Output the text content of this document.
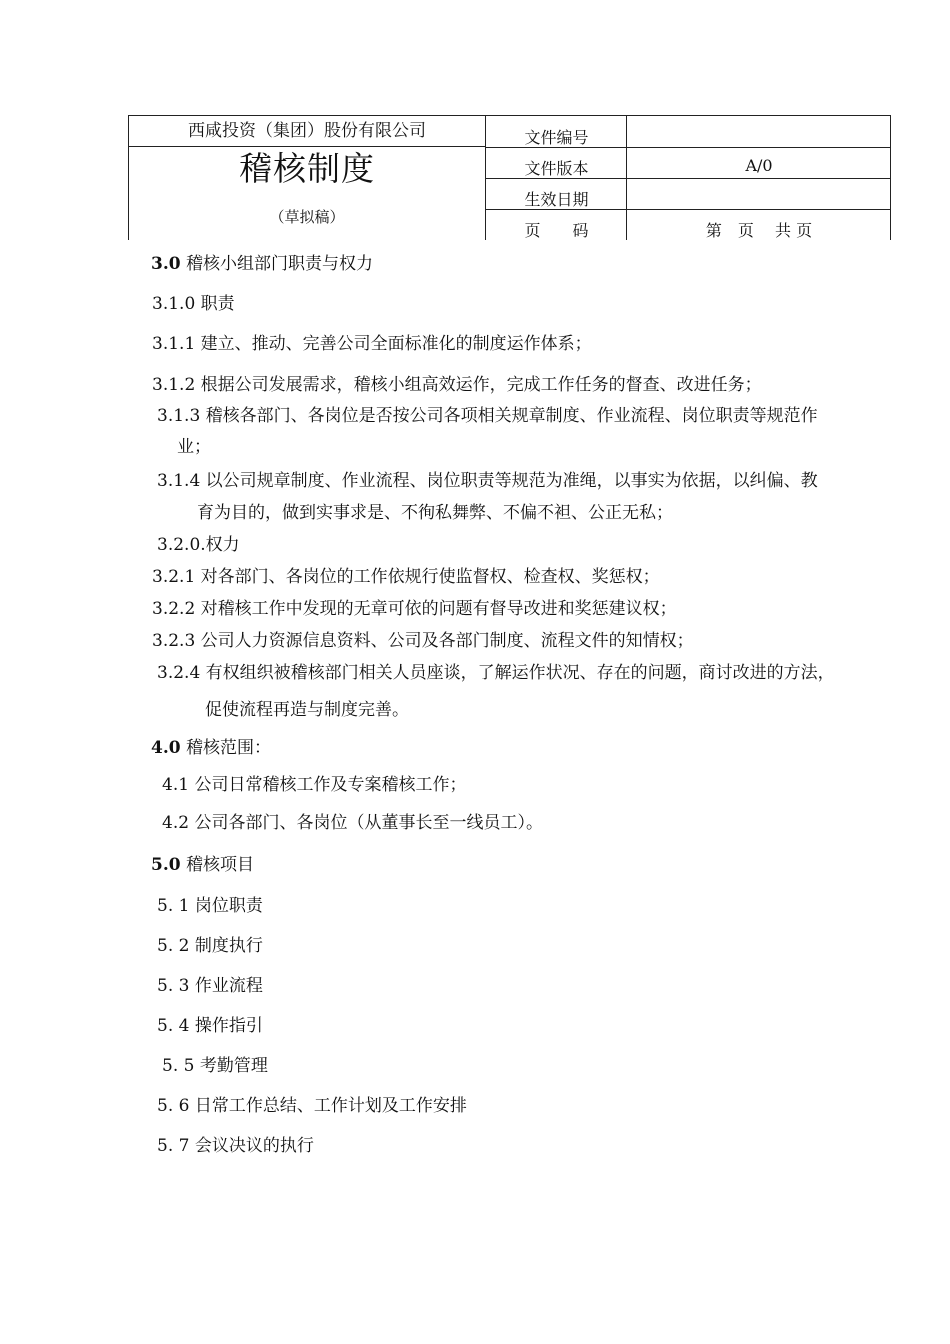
西咸投资（集团）股份有限公司
稽核制度
（草拟稿）
文件编号
文件版本	A/0
生效日期
页　　码	第　页　 共 页
3.0 稽核小组部门职责与权力
3.1.0 职责
3.1.1 建立、推动、完善公司全面标准化的制度运作体系；
3.1.2 根据公司发展需求，稽核小组高效运作，完成工作任务的督查、改进任务；
3.1.3 稽核各部门、各岗位是否按公司各项相关规章制度、作业流程、岗位职责等规范作
业；
3.1.4 以公司规章制度、作业流程、岗位职责等规范为准绳，以事实为依据，以纠偏、教
育为目的，做到实事求是、不徇私舞弊、不偏不袒、公正无私；
3.2.0.权力
3.2.1 对各部门、各岗位的工作依规行使监督权、检查权、奖惩权；
3.2.2 对稽核工作中发现的无章可依的问题有督导改进和奖惩建议权；
3.2.3 公司人力资源信息资料、公司及各部门制度、流程文件的知情权；
3.2.4 有权组织被稽核部门相关人员座谈，了解运作状况、存在的问题，商讨改进的方法，
促使流程再造与制度完善。
4.0 稽核范围：
4.1 公司日常稽核工作及专案稽核工作；
4.2 公司各部门、各岗位（从董事长至一线员工）。
5.0 稽核项目
5. 1 岗位职责
5. 2 制度执行
5. 3 作业流程
5. 4 操作指引
5. 5 考勤管理
5. 6 日常工作总结、工作计划及工作安排
5. 7 会议决议的执行
